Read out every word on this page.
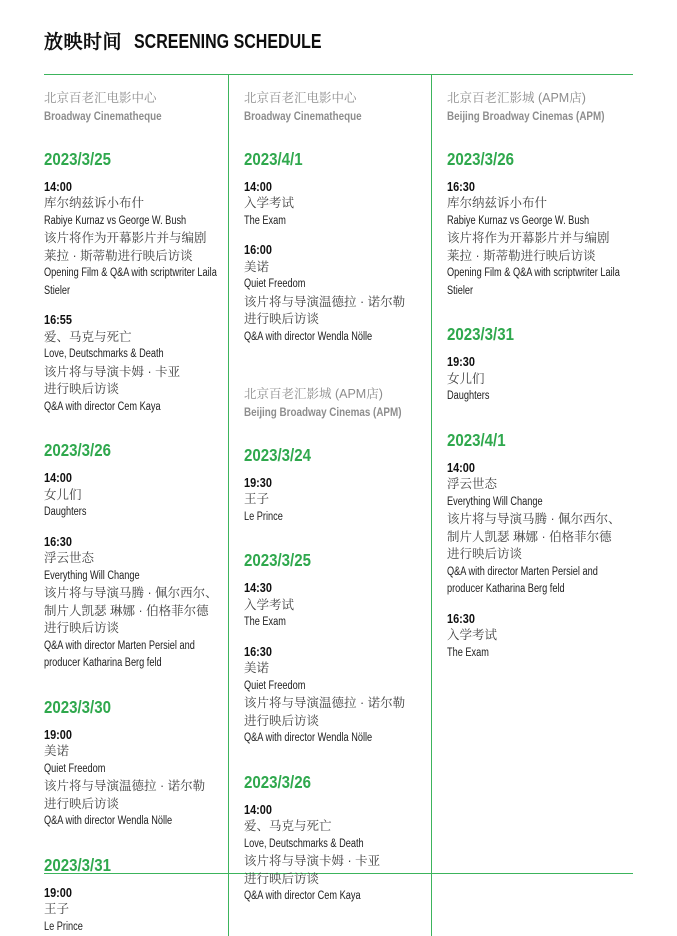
放映时间 SCREENING SCHEDULE
北京百老汇电影中心
Broadway Cinematheque
2023/3/25
14:00
库尔纳兹诉小布什
Rabiye Kurnaz vs George W. Bush
该片将作为开幕影片并与编剧
莱拉 · 斯蒂勒进行映后访谈
Opening Film & Q&A with scriptwriter Laila
Stieler
16:55
爱、马克与死亡
Love, Deutschmarks & Death
该片将与导演卡姆 · 卡亚
进行映后访谈
Q&A with director Cem Kaya
2023/3/26
14:00
女儿们
Daughters
16:30
浮云世态
Everything Will Change
该片将与导演马腾 · 佩尔西尔、
制片人凯瑟 琳娜 · 伯格菲尔德
进行映后访谈
Q&A with director Marten Persiel and
producer Katharina Berg feld
2023/3/30
19:00
美诺
Quiet Freedom
该片将与导演温德拉 · 诺尔勒
进行映后访谈
Q&A with director Wendla Nölle
2023/3/31
19:00
王子
Le Prince
北京百老汇电影中心
Broadway Cinematheque
2023/4/1
14:00
入学考试
The Exam
16:00
美诺
Quiet Freedom
该片将与导演温德拉 · 诺尔勒
进行映后访谈
Q&A with director Wendla Nölle
北京百老汇影城 (APM店)
Beijing Broadway Cinemas (APM)
2023/3/24
19:30
王子
Le Prince
2023/3/25
14:30
入学考试
The Exam
16:30
美诺
Quiet Freedom
该片将与导演温德拉 · 诺尔勒
进行映后访谈
Q&A with director Wendla Nölle
2023/3/26
14:00
爱、马克与死亡
Love, Deutschmarks & Death
该片将与导演卡姆 · 卡亚
进行映后访谈
Q&A with director Cem Kaya
北京百老汇影城 (APM店)
Beijing Broadway Cinemas (APM)
2023/3/26
16:30
库尔纳兹诉小布什
Rabiye Kurnaz vs George W. Bush
该片将作为开幕影片并与编剧
莱拉 · 斯蒂勒进行映后访谈
Opening Film & Q&A with scriptwriter Laila
Stieler
2023/3/31
19:30
女儿们
Daughters
2023/4/1
14:00
浮云世态
Everything Will Change
该片将与导演马腾 · 佩尔西尔、
制片人凯瑟 琳娜 · 伯格菲尔德
进行映后访谈
Q&A with director Marten Persiel and
producer Katharina Berg feld
16:30
入学考试
The Exam
